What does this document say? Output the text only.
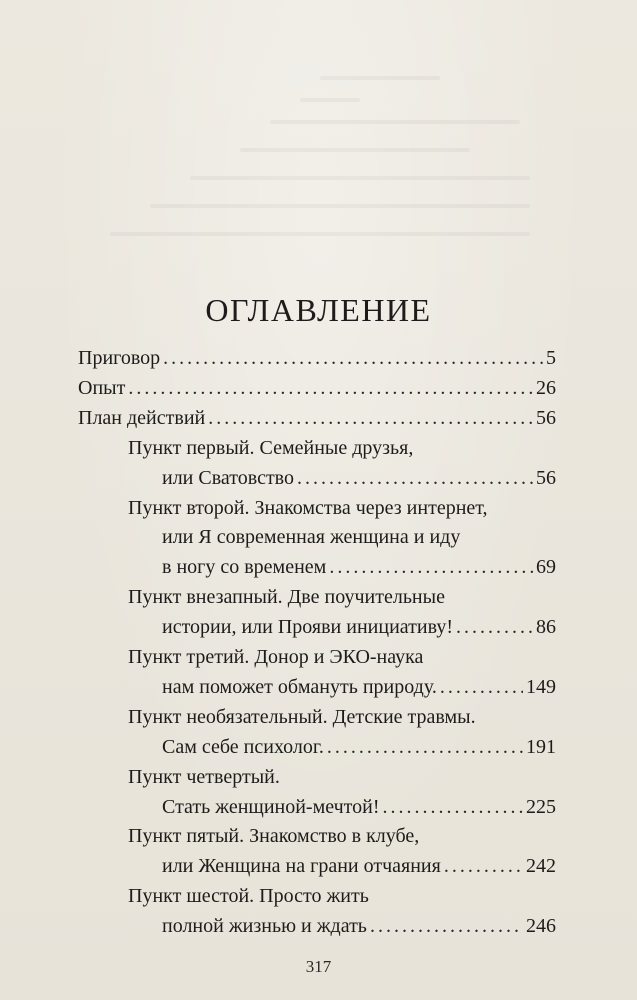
ОГЛАВЛЕНИЕ
Приговор . . .	5
Опыт . . .	26
План действий . . .	56
Пункт первый. Семейные друзья,
или Сватовство . . .	56
Пункт второй. Знакомства через интернет,
или Я современная женщина и иду
в ногу со временем . . .	69
Пункт внезапный. Две поучительные
истории, или Прояви инициативу! . . .	86
Пункт третий. Донор и ЭКО-наука
нам поможет обмануть природу. . . .	149
Пункт необязательный. Детские травмы.
Сам себе психолог. . . .	191
Пункт четвертый.
Стать женщиной-мечтой! . . .	225
Пункт пятый. Знакомство в клубе,
или Женщина на грани отчаяния . . .	242
Пункт шестой. Просто жить
полной жизнью и ждать . . .	246
317
